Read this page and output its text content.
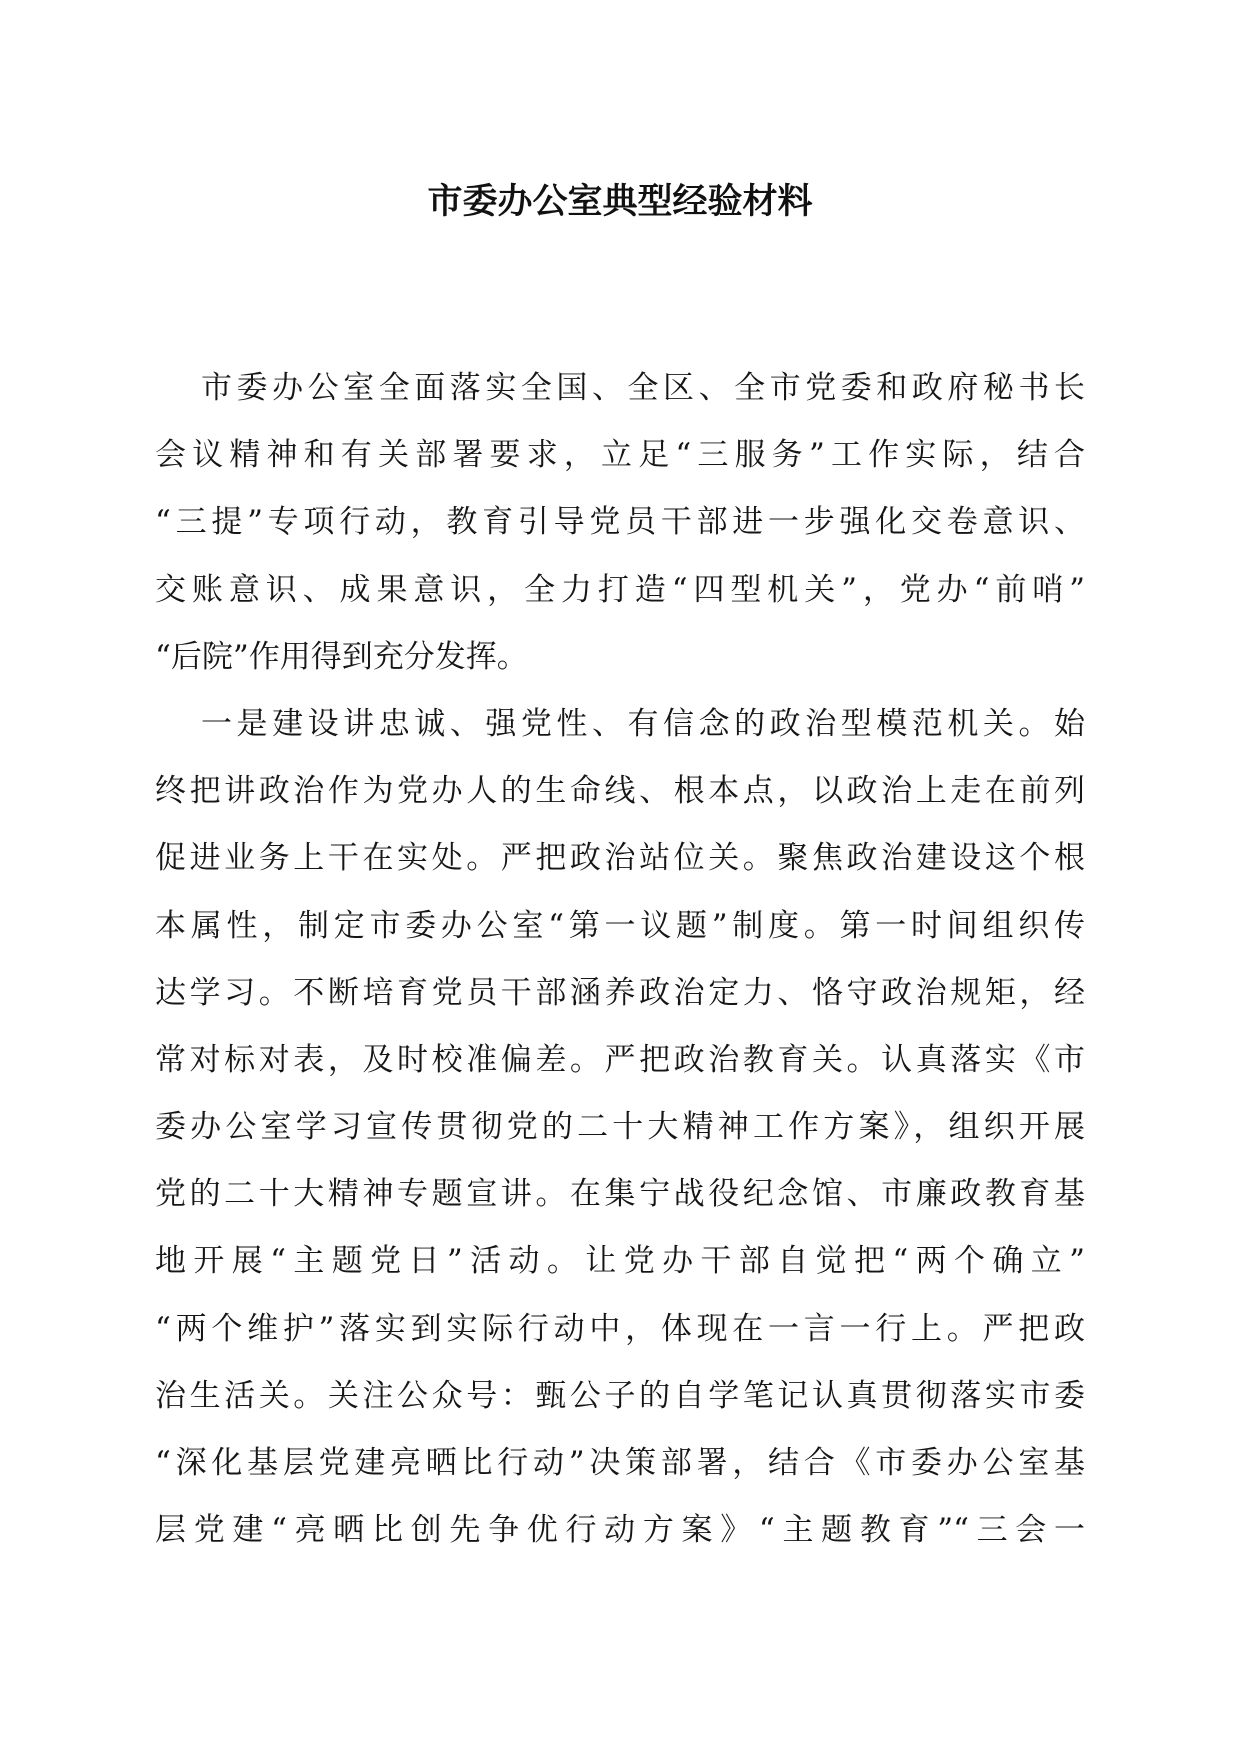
市委办公室典型经验材料
市委办公室全面落实全国、全区、全市党委和政府秘书长
会议精神和有关部署要求，立足“三服务”工作实际，结合
“三提”专项行动，教育引导党员干部进一步强化交卷意识、
交账意识、成果意识，全力打造“四型机关”，党办“前哨”
“后院”作用得到充分发挥。
一是建设讲忠诚、强党性、有信念的政治型模范机关。始
终把讲政治作为党办人的生命线、根本点，以政治上走在前列
促进业务上干在实处。严把政治站位关。聚焦政治建设这个根
本属性，制定市委办公室“第一议题”制度。第一时间组织传
达学习。不断培育党员干部涵养政治定力、恪守政治规矩，经
常对标对表，及时校准偏差。严把政治教育关。认真落实《市
委办公室学习宣传贯彻党的二十大精神工作方案》，组织开展
党的二十大精神专题宣讲。在集宁战役纪念馆、市廉政教育基
地开展“主题党日”活动。让党办干部自觉把“两个确立”
“两个维护”落实到实际行动中，体现在一言一行上。严把政
治生活关。关注公众号：甄公子的自学笔记认真贯彻落实市委
“深化基层党建亮晒比行动”决策部署，结合《市委办公室基
层党建“亮晒比创先争优行动方案》“主题教育”“三会一
